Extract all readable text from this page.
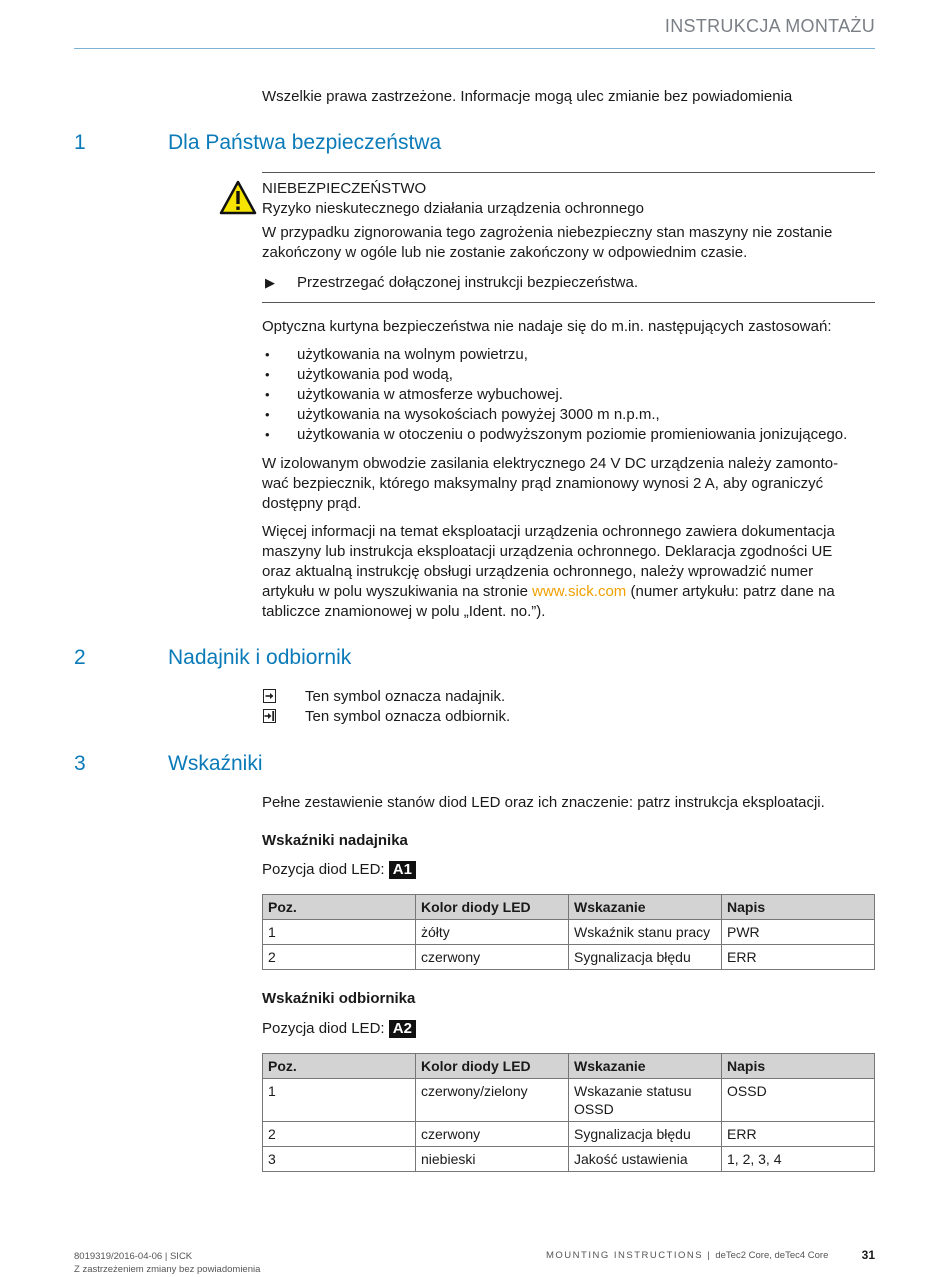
INSTRUKCJA MONTAŻU
Wszelkie prawa zastrzeżone. Informacje mogą ulec zmianie bez powiadomienia
1	Dla Państwa bezpieczeństwa
NIEBEZPIECZEŃSTWO
Ryzyko nieskutecznego działania urządzenia ochronnego
W przypadku zignorowania tego zagrożenia niebezpieczny stan maszyny nie zostanie
zakończony w ogóle lub nie zostanie zakończony w odpowiednim czasie.
▶ Przestrzegać dołączonej instrukcji bezpieczeństwa.
Optyczna kurtyna bezpieczeństwa nie nadaje się do m.in. następujących zastosowań:
• użytkowania na wolnym powietrzu,
• użytkowania pod wodą,
• użytkowania w atmosferze wybuchowej.
• użytkowania na wysokościach powyżej 3000 m n.p.m.,
• użytkowania w otoczeniu o podwyższonym poziomie promieniowania jonizującego.
W izolowanym obwodzie zasilania elektrycznego 24 V DC urządzenia należy zamonto-
wać bezpiecznik, którego maksymalny prąd znamionowy wynosi 2 A, aby ograniczyć
dostępny prąd.
Więcej informacji na temat eksploatacji urządzenia ochronnego zawiera dokumentacja
maszyny lub instrukcja eksploatacji urządzenia ochronnego. Deklaracja zgodności UE
oraz aktualną instrukcję obsługi urządzenia ochronnego, należy wprowadzić numer
artykułu w polu wyszukiwania na stronie www.sick.com (numer artykułu: patrz dane na
tabliczce znamionowej w polu „Ident. no.”).
2	Nadajnik i odbiornik
Ten symbol oznacza nadajnik.
Ten symbol oznacza odbiornik.
3	Wskaźniki
Pełne zestawienie stanów diod LED oraz ich znaczenie: patrz instrukcja eksploatacji.
Wskaźniki nadajnika
Pozycja diod LED: A1
Poz.	Kolor diody LED	Wskazanie	Napis
1	żółty	Wskaźnik stanu pracy	PWR
2	czerwony	Sygnalizacja błędu	ERR
Wskaźniki odbiornika
Pozycja diod LED: A2
Poz.	Kolor diody LED	Wskazanie	Napis
1	czerwony/zielony	Wskazanie statusu OSSD	OSSD
2	czerwony	Sygnalizacja błędu	ERR
3	niebieski	Jakość ustawienia	1, 2, 3, 4
8019319/2016-04-06 | SICK
Z zastrzeżeniem zmiany bez powiadomienia
MOUNTING INSTRUCTIONS | deTec2 Core, deTec4 Core	31
